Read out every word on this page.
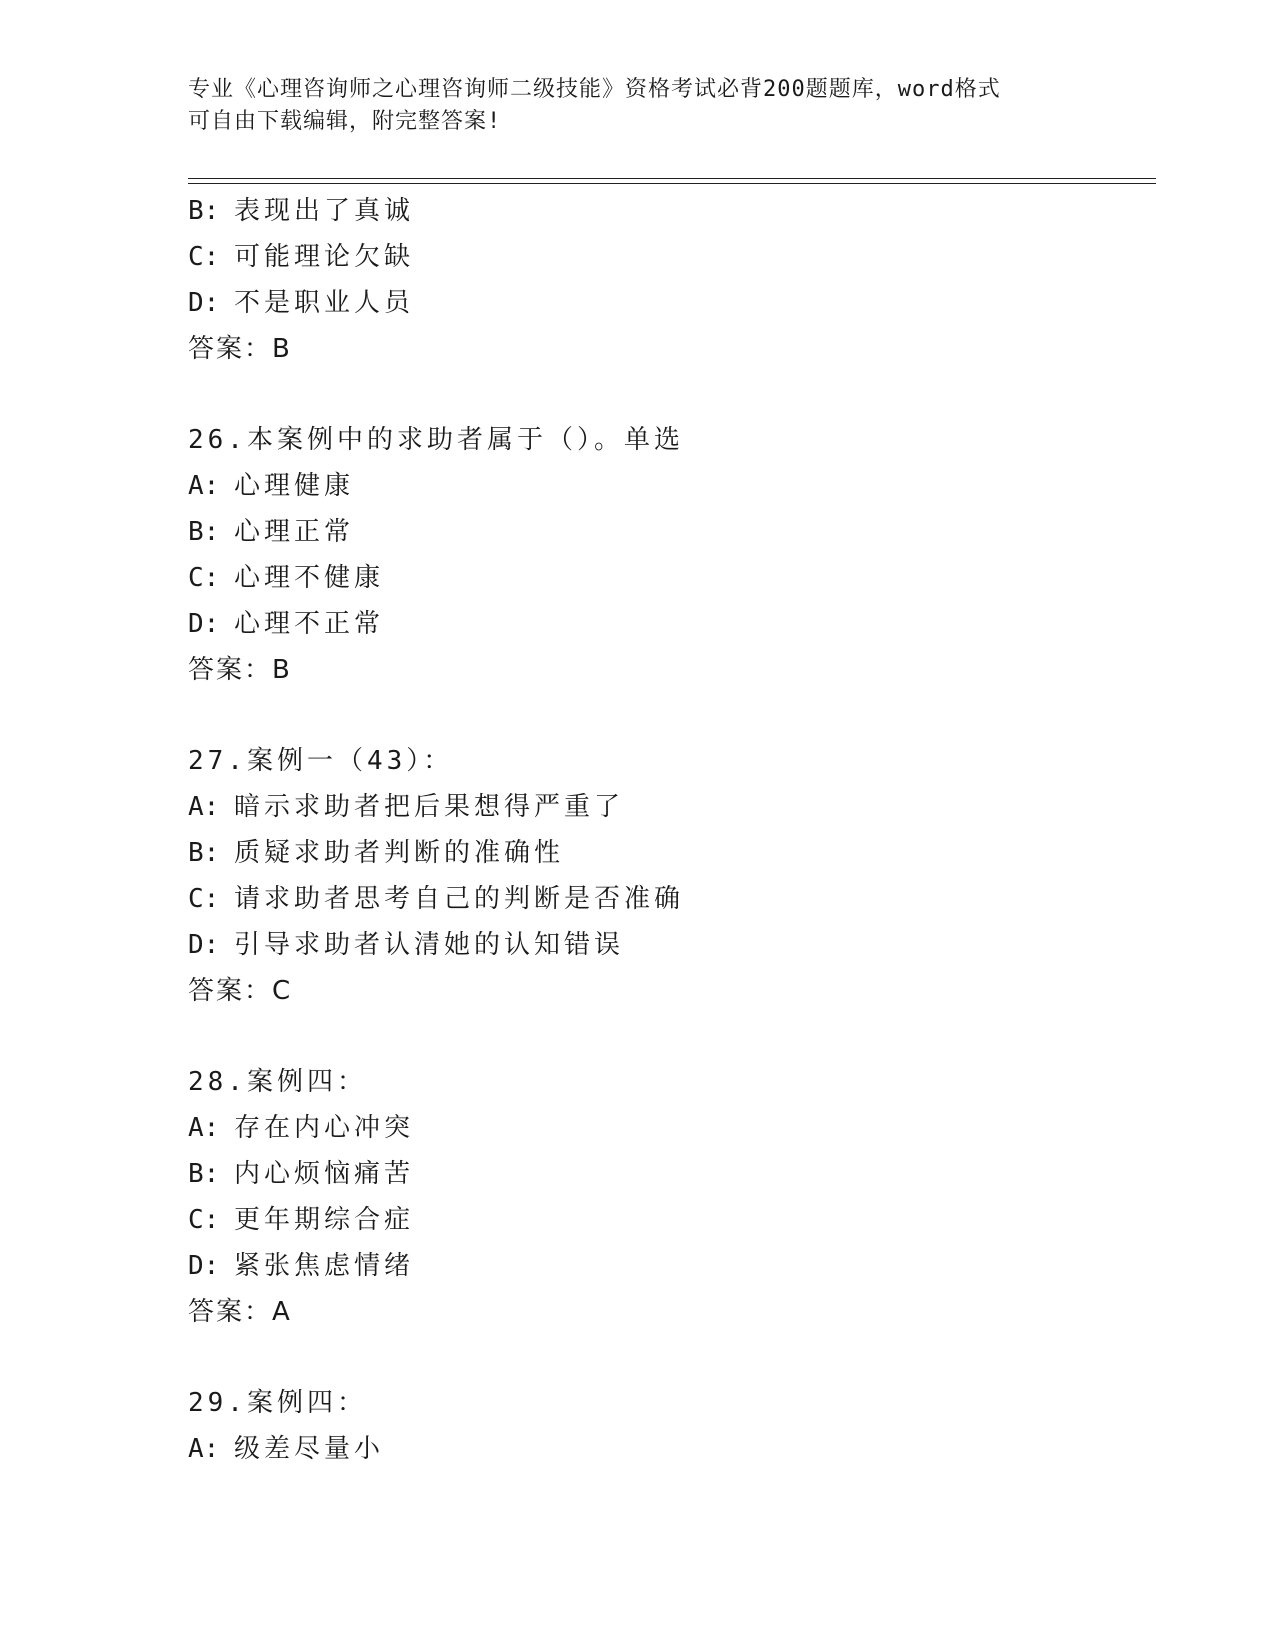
专业《心理咨询师之心理咨询师二级技能》资格考试必背200题题库，word格式
可自由下载编辑，附完整答案!
B: 表现出了真诚
C: 可能理论欠缺
D: 不是职业人员
答案：B
26.本案例中的求助者属于（）。单选
A: 心理健康
B: 心理正常
C: 心理不健康
D: 心理不正常
答案：B
27.案例一（43）：
A: 暗示求助者把后果想得严重了
B: 质疑求助者判断的准确性
C: 请求助者思考自己的判断是否准确
D: 引导求助者认清她的认知错误
答案：C
28.案例四：
A: 存在内心冲突
B: 内心烦恼痛苦
C: 更年期综合症
D: 紧张焦虑情绪
答案：A
29.案例四：
A: 级差尽量小
